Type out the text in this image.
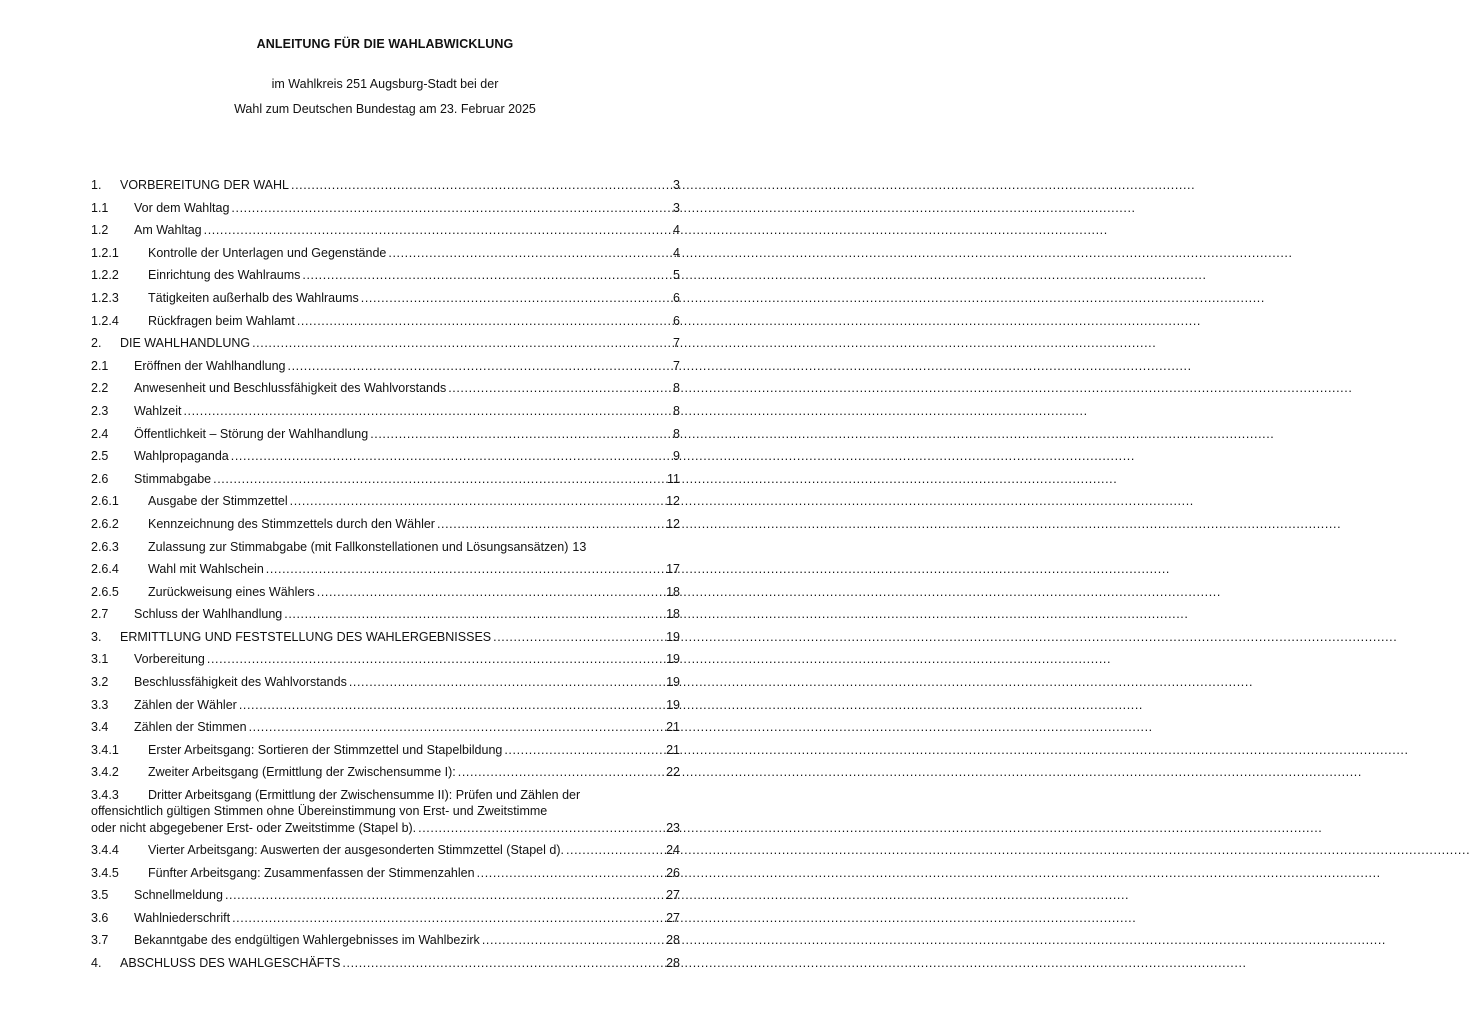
ANLEITUNG FÜR DIE WAHLABWICKLUNG
im Wahlkreis 251 Augsburg-Stadt bei der
Wahl zum Deutschen Bundestag am 23. Februar 2025
1.	VORBEREITUNG DER WAHL .....	3
1.1	Vor dem Wahltag .....	3
1.2	Am Wahltag .....	4
1.2.1	Kontrolle der Unterlagen und Gegenstände .....	4
1.2.2	Einrichtung des Wahlraums .....	5
1.2.3	Tätigkeiten außerhalb des Wahlraums .....	6
1.2.4	Rückfragen beim Wahlamt .....	6
2.	DIE WAHLHANDLUNG .....	7
2.1	Eröffnen der Wahlhandlung .....	7
2.2	Anwesenheit und Beschlussfähigkeit des Wahlvorstands .....	8
2.3	Wahlzeit .....	8
2.4	Öffentlichkeit – Störung der Wahlhandlung .....	8
2.5	Wahlpropaganda .....	9
2.6	Stimmabgabe .....	11
2.6.1	Ausgabe der Stimmzettel .....	12
2.6.2	Kennzeichnung des Stimmzettels durch den Wähler .....	12
2.6.3	Zulassung zur Stimmabgabe (mit Fallkonstellationen und Lösungsansätzen) 13
2.6.4	Wahl mit Wahlschein .....	17
2.6.5	Zurückweisung eines Wählers .....	18
2.7	Schluss der Wahlhandlung .....	18
3.	ERMITTLUNG UND FESTSTELLUNG DES WAHLERGEBNISSES .....	19
3.1	Vorbereitung .....	19
3.2	Beschlussfähigkeit des Wahlvorstands .....	19
3.3	Zählen der Wähler .....	19
3.4	Zählen der Stimmen .....	21
3.4.1	Erster Arbeitsgang: Sortieren der Stimmzettel und Stapelbildung .....	21
3.4.2	Zweiter Arbeitsgang (Ermittlung der Zwischensumme I): .....	22
3.4.3	Dritter Arbeitsgang (Ermittlung der Zwischensumme II): Prüfen und Zählen der
offensichtlich gültigen Stimmen ohne Übereinstimmung von Erst- und Zweitstimme
oder nicht abgegebener Erst- oder Zweitstimme (Stapel b). .....	23
3.4.4	Vierter Arbeitsgang: Auswerten der ausgesonderten Stimmzettel (Stapel d). .....	24
3.4.5	Fünfter Arbeitsgang: Zusammenfassen der Stimmenzahlen .....	26
3.5	Schnellmeldung .....	27
3.6	Wahlniederschrift .....	27
3.7	Bekanntgabe des endgültigen Wahlergebnisses im Wahlbezirk .....	28
4.	ABSCHLUSS DES WAHLGESCHÄFTS .....	28
